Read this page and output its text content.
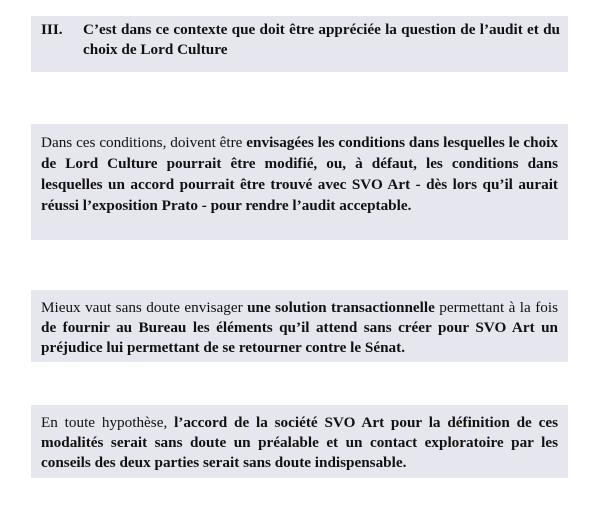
III.	C’est dans ce contexte que doit être appréciée la question de l’audit et du choix de Lord Culture
Dans ces conditions, doivent être envisagées les conditions dans lesquelles le choix de Lord Culture pourrait être modifié, ou, à défaut, les conditions dans lesquelles un accord pourrait être trouvé avec SVO Art - dès lors qu’il aurait réussi l’exposition Prato - pour rendre l’audit acceptable.
Mieux vaut sans doute envisager une solution transactionnelle permettant à la fois de fournir au Bureau les éléments qu’il attend sans créer pour SVO Art un préjudice lui permettant de se retourner contre le Sénat.
En toute hypothèse, l’accord de la société SVO Art pour la définition de ces modalités serait sans doute un préalable et un contact exploratoire par les conseils des deux parties serait sans doute indispensable.
